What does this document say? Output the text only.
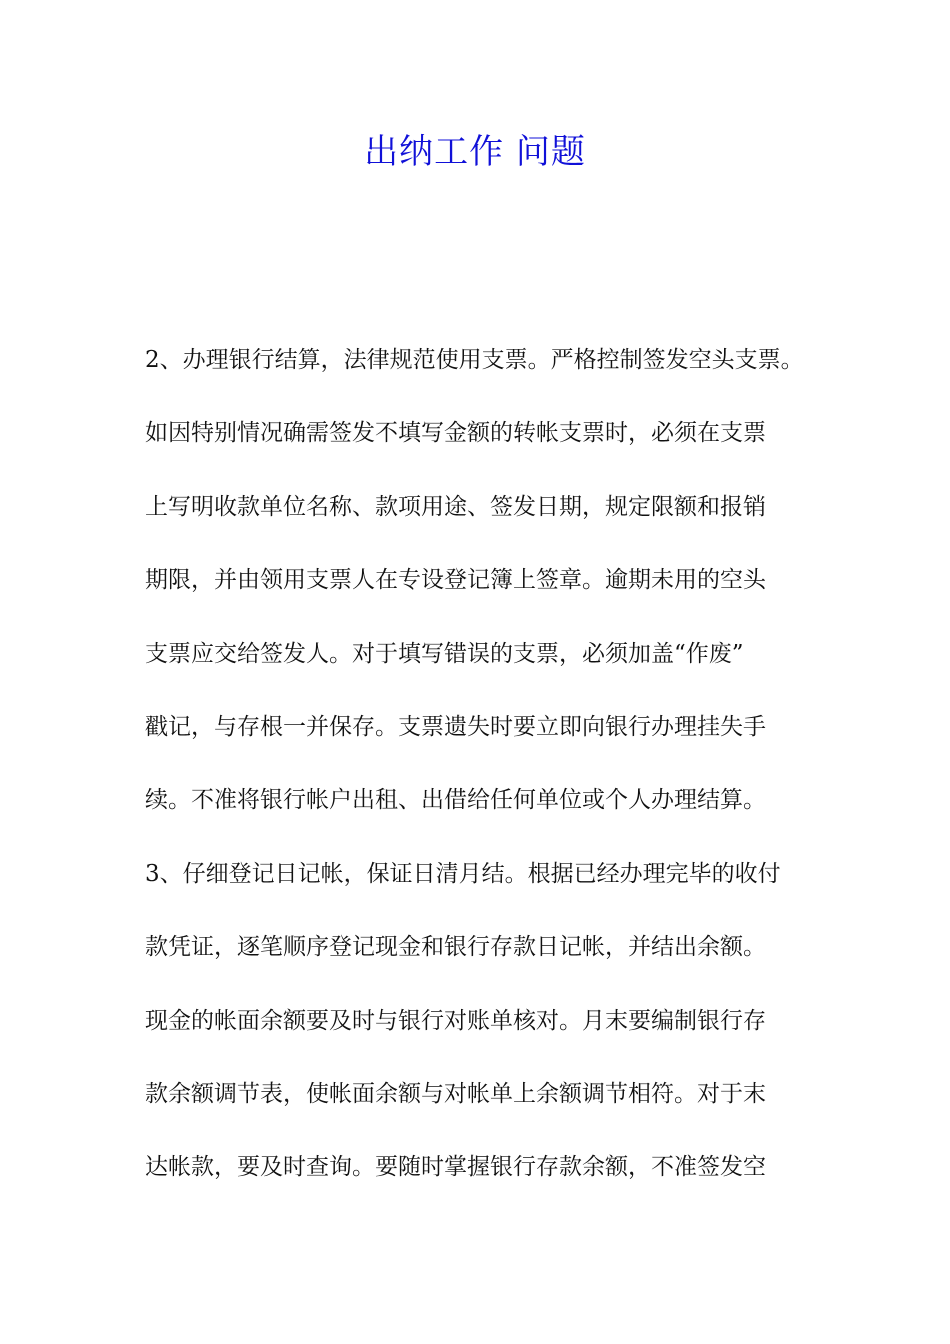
出纳工作 问题
2、办理银行结算，法律规范使用支票。严格控制签发空头支票。
如因特别情况确需签发不填写金额的转帐支票时，必须在支票
上写明收款单位名称、款项用途、签发日期，规定限额和报销
期限，并由领用支票人在专设登记簿上签章。逾期未用的空头
支票应交给签发人。对于填写错误的支票，必须加盖“作废”
戳记，与存根一并保存。支票遗失时要立即向银行办理挂失手
续。不准将银行帐户出租、出借给任何单位或个人办理结算。
3、仔细登记日记帐，保证日清月结。根据已经办理完毕的收付
款凭证，逐笔顺序登记现金和银行存款日记帐，并结出余额。
现金的帐面余额要及时与银行对账单核对。月末要编制银行存
款余额调节表，使帐面余额与对帐单上余额调节相符。对于末
达帐款，要及时查询。要随时掌握银行存款余额，不准签发空
